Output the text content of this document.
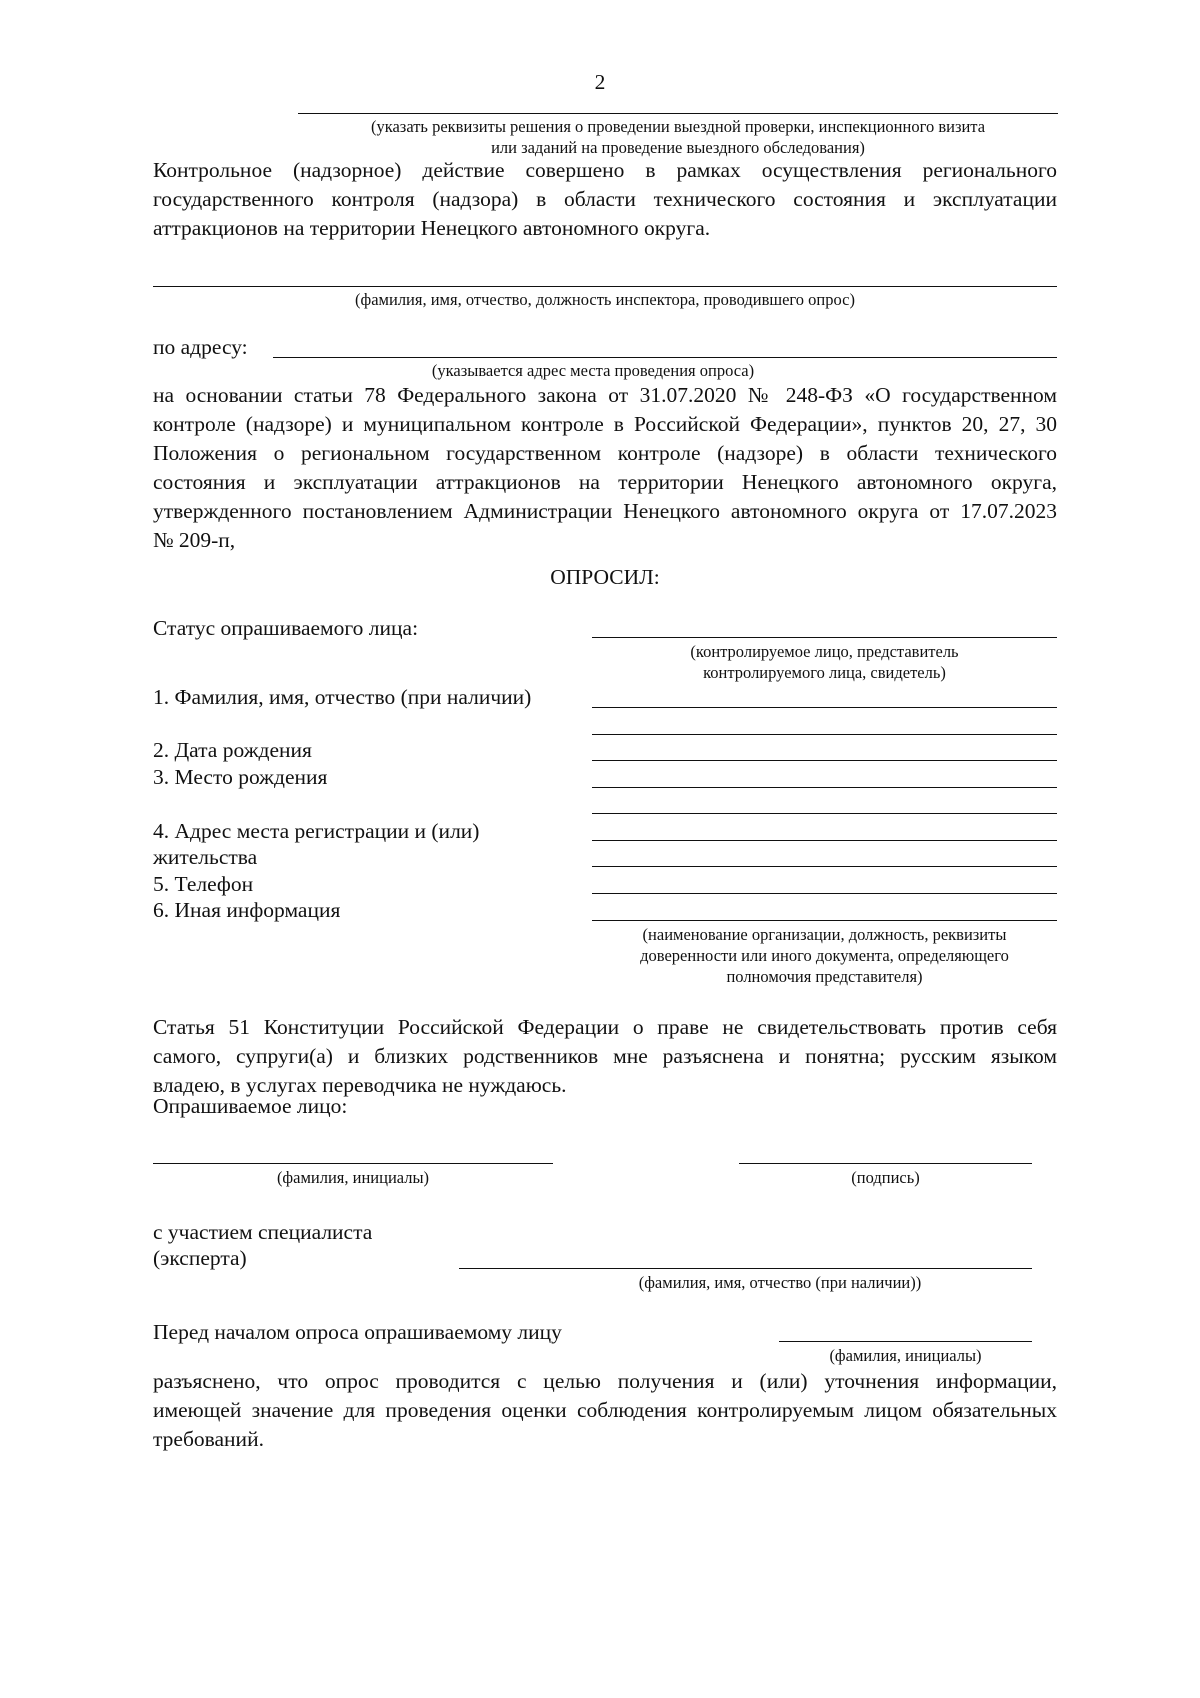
2
(указать реквизиты решения о проведении выездной проверки, инспекционного визита
или заданий на проведение выездного обследования)
Контрольное (надзорное) действие совершено в рамках осуществления регионального
государственного контроля (надзора) в области технического состояния и эксплуатации
аттракционов на территории Ненецкого автономного округа.
(фамилия, имя, отчество, должность инспектора, проводившего опрос)
по адресу:
(указывается адрес места проведения опроса)
на основании статьи 78 Федерального закона от 31.07.2020 № 248-ФЗ «О государственном
контроле (надзоре) и муниципальном контроле в Российской Федерации», пунктов 20, 27, 30
Положения о региональном государственном контроле (надзоре) в области технического
состояния и эксплуатации аттракционов на территории Ненецкого автономного округа,
утвержденного постановлением Администрации Ненецкого автономного округа от 17.07.2023
№ 209-п,
ОПРОСИЛ:
Статус опрашиваемого лица:
(контролируемое лицо, представитель
контролируемого лица, свидетель)
1. Фамилия, имя, отчество (при наличии)
2. Дата рождения
3. Место рождения
4. Адрес места регистрации и (или)
жительства
5. Телефон
6. Иная информация
(наименование организации, должность, реквизиты
доверенности или иного документа, определяющего
полномочия представителя)
Статья 51 Конституции Российской Федерации о праве не свидетельствовать против себя
самого, супруги(а) и близких родственников мне разъяснена и понятна; русским языком
владею, в услугах переводчика не нуждаюсь.
Опрашиваемое лицо:
(фамилия, инициалы)	(подпись)
с участием специалиста
(эксперта)
(фамилия, имя, отчество (при наличии))
Перед началом опроса опрашиваемому лицу
(фамилия, инициалы)
разъяснено, что опрос проводится с целью получения и (или) уточнения информации,
имеющей значение для проведения оценки соблюдения контролируемым лицом обязательных
требований.
